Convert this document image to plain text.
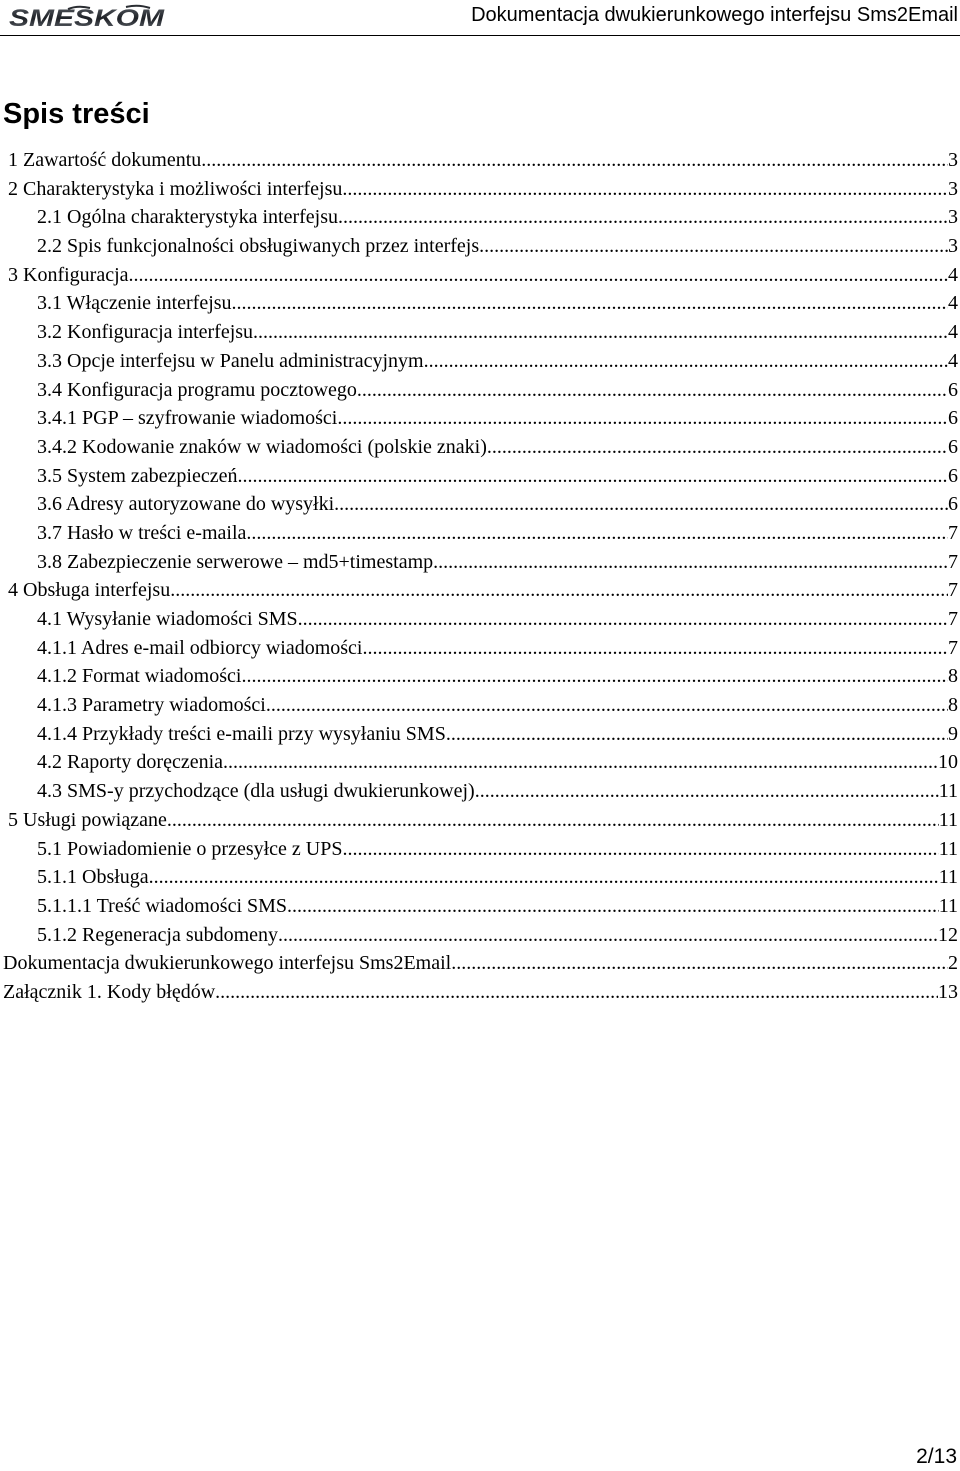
SMESKOM	Dokumentacja dwukierunkowego interfejsu Sms2Email
Spis treści
1 Zawartość dokumentu .....	3
2 Charakterystyka i możliwości interfejsu .....	3
2.1 Ogólna charakterystyka interfejsu .....	3
2.2 Spis funkcjonalności obsługiwanych przez interfejs .....	3
3 Konfiguracja .....	4
3.1 Włączenie interfejsu .....	4
3.2 Konfiguracja interfejsu .....	4
3.3 Opcje interfejsu w Panelu administracyjnym .....	4
3.4 Konfiguracja programu pocztowego .....	6
3.4.1 PGP – szyfrowanie wiadomości .....	6
3.4.2 Kodowanie znaków w wiadomości (polskie znaki) .....	6
3.5 System zabezpieczeń .....	6
3.6 Adresy autoryzowane do wysyłki .....	6
3.7 Hasło w treści e-maila .....	7
3.8 Zabezpieczenie serwerowe – md5+timestamp .....	7
4 Obsługa interfejsu .....	7
4.1 Wysyłanie wiadomości SMS .....	7
4.1.1 Adres e-mail odbiorcy wiadomości .....	7
4.1.2 Format wiadomości .....	8
4.1.3 Parametry wiadomości .....	8
4.1.4 Przykłady treści e-maili przy wysyłaniu SMS .....	9
4.2 Raporty doręczenia .....	10
4.3 SMS-y przychodzące (dla usługi dwukierunkowej) .....	11
5 Usługi powiązane .....	11
5.1 Powiadomienie o przesyłce z UPS .....	11
5.1.1 Obsługa .....	11
5.1.1.1 Treść wiadomości SMS .....	11
5.1.2 Regeneracja subdomeny .....	12
Dokumentacja dwukierunkowego interfejsu Sms2Email .....	2
Załącznik 1. Kody błędów .....	13
2/13
